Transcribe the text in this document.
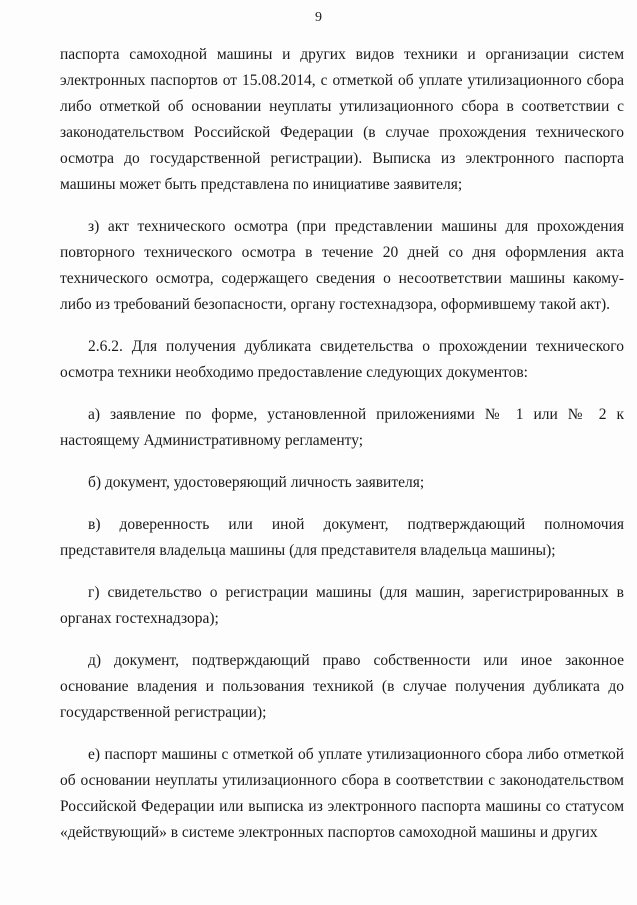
9

паспорта самоходной машины и других видов техники и организации систем электронных паспортов от 15.08.2014, с отметкой об уплате утилизационного сбора либо отметкой об основании неуплаты утилизационного сбора в соответствии с законодательством Российской Федерации (в случае прохождения технического осмотра до государственной регистрации). Выписка из электронного паспорта машины может быть представлена по инициативе заявителя;

з) акт технического осмотра (при представлении машины для прохождения повторного технического осмотра в течение 20 дней со дня оформления акта технического осмотра, содержащего сведения о несоответствии машины какому-либо из требований безопасности, органу гостехнадзора, оформившему такой акт).

2.6.2. Для получения дубликата свидетельства о прохождении технического осмотра техники необходимо предоставление следующих документов:

а) заявление по форме, установленной приложениями № 1 или № 2 к настоящему Административному регламенту;

б) документ, удостоверяющий личность заявителя;

в) доверенность или иной документ, подтверждающий полномочия представителя владельца машины (для представителя владельца машины);

г) свидетельство о регистрации машины (для машин, зарегистрированных в органах гостехнадзора);

д) документ, подтверждающий право собственности или иное законное основание владения и пользования техникой (в случае получения дубликата до государственной регистрации);

е) паспорт машины с отметкой об уплате утилизационного сбора либо отметкой об основании неуплаты утилизационного сбора в соответствии с законодательством Российской Федерации или выписка из электронного паспорта машины со статусом «действующий» в системе электронных паспортов самоходной машины и других
